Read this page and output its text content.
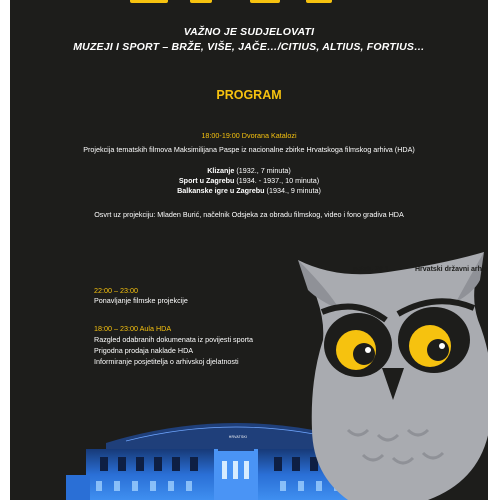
VAŽNO JE SUDJELOVATI
MUZEJI I SPORT – BRŽE, VIŠE, JAČE…/CITIUS, ALTIUS, FORTIUS…
PROGRAM
18:00-19:00 Dvorana Katalozi
Projekcija tematskih filmova Maksimilijana Paspe iz nacionalne zbirke Hrvatskoga filmskog arhiva (HDA)
Klizanje (1932., 7 minuta)
Sport u Zagrebu (1934. - 1937., 10 minuta)
Balkanske igre u Zagrebu (1934., 9 minuta)
Osvrt uz projekciju: Mladen Burić, načelnik Odsjeka za obradu filmskog, video i fono gradiva HDA
22:00 – 23:00
Ponavljanje filmske projekcije
18:00 – 23:00 Aula HDA
Razgled odabranih dokumenata iz povijesti sporta
Prigodna prodaja naklade HDA
Informiranje posjetitelja o arhivskoj djelatnosti
HRVATSKI
petak, 26.1.	Hrvatski državni arhiv
